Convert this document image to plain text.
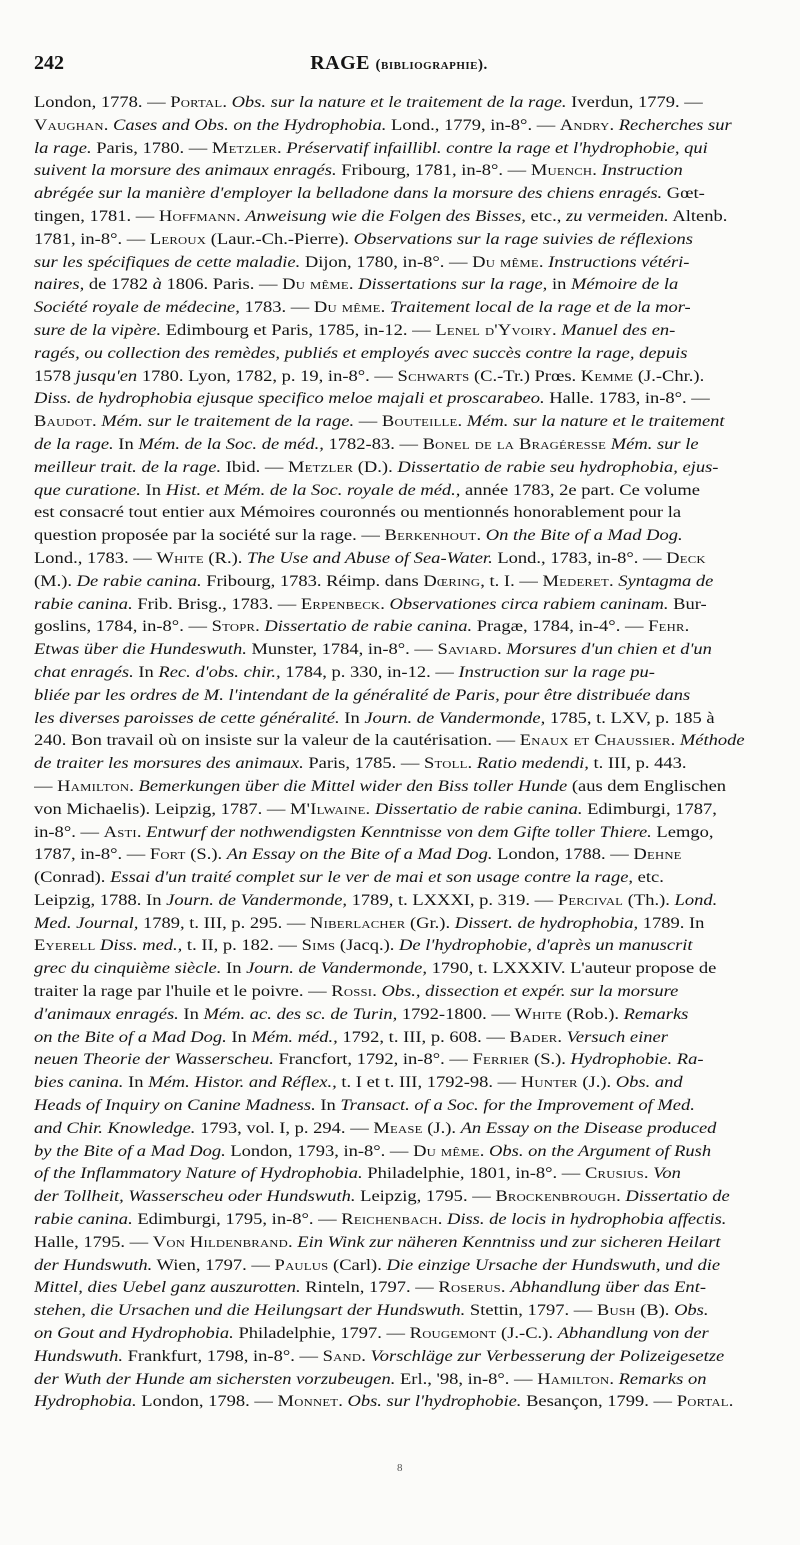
242	RAGE (bibliographie).
London, 1778. — Portal. Obs. sur la nature et le traitement de la rage. Iverdun, 1779. —
Vaughan. Cases and Obs. on the Hydrophobia. Lond., 1779, in-8°. — Andry. Recherches sur
la rage. Paris, 1780. — Metzler. Préservatif infaillibl. contre la rage et l'hydrophobie, qui
suivent la morsure des animaux enragés. Fribourg, 1781, in-8°. — Muench. Instruction
abrégée sur la manière d'employer la belladone dans la morsure des chiens enragés. Gœt-
tingen, 1781. — Hoffmann. Anweisung wie die Folgen des Bisses, etc., zu vermeiden. Altenb.
1781, in-8°. — Leroux (Laur.-Ch.-Pierre). Observations sur la rage suivies de réflexions
sur les spécifiques de cette maladie. Dijon, 1780, in-8°. — Du même. Instructions vétéri-
naires, de 1782 à 1806. Paris. — Du même. Dissertations sur la rage, in Mémoire de la
Société royale de médecine, 1783. — Du même. Traitement local de la rage et de la mor-
sure de la vipère. Edimbourg et Paris, 1785, in-12. — Lenel d'Yvoiry. Manuel des en-
ragés, ou collection des remèdes, publiés et employés avec succès contre la rage, depuis
1578 jusqu'en 1780. Lyon, 1782, p. 19, in-8°. — Schwarts (C.-Tr.) Prœs. Kemme (J.-Chr.).
Diss. de hydrophobia ejusque specifico meloe majali et proscarabeo. Halle. 1783, in-8°. —
Baudot. Mém. sur le traitement de la rage. — Bouteille. Mém. sur la nature et le traitement
de la rage. In Mém. de la Soc. de méd., 1782-83. — Bonel de la Bragéresse Mém. sur le
meilleur trait. de la rage. Ibid. — Metzler (D.). Dissertatio de rabie seu hydrophobia, ejus-
que curatione. In Hist. et Mém. de la Soc. royale de méd., année 1783, 2e part. Ce volume
est consacré tout entier aux Mémoires couronnés ou mentionnés honorablement pour la
question proposée par la société sur la rage. — Berkenhout. On the Bite of a Mad Dog.
Lond., 1783. — White (R.). The Use and Abuse of Sea-Water. Lond., 1783, in-8°. — Deck
(M.). De rabie canina. Fribourg, 1783. Réimp. dans Dœring, t. I. — Mederet. Syntagma de
rabie canina. Frib. Brisg., 1783. — Erpenbeck. Observationes circa rabiem caninam. Bur-
goslins, 1784, in-8°. — Stopr. Dissertatio de rabie canina. Pragæ, 1784, in-4°. — Fehr.
Etwas über die Hundeswuth. Munster, 1784, in-8°. — Saviard. Morsures d'un chien et d'un
chat enragés. In Rec. d'obs. chir., 1784, p. 330, in-12. — Instruction sur la rage pu-
bliée par les ordres de M. l'intendant de la généralité de Paris, pour être distribuée dans
les diverses paroisses de cette généralité. In Journ. de Vandermonde, 1785, t. LXV, p. 185 à
240. Bon travail où on insiste sur la valeur de la cautérisation. — Enaux et Chaussier. Méthode
de traiter les morsures des animaux. Paris, 1785. — Stoll. Ratio medendi, t. III, p. 443.
— Hamilton. Bemerkungen über die Mittel wider den Biss toller Hunde (aus dem Englischen
von Michaelis). Leipzig, 1787. — M'Ilwaine. Dissertatio de rabie canina. Edimburgi, 1787,
in-8°. — Asti. Entwurf der nothwendigsten Kenntnisse von dem Gifte toller Thiere. Lemgo,
1787, in-8°. — Fort (S.). An Essay on the Bite of a Mad Dog. London, 1788. — Dehne
(Conrad). Essai d'un traité complet sur le ver de mai et son usage contre la rage, etc.
Leipzig, 1788. In Journ. de Vandermonde, 1789, t. LXXXI, p. 319. — Percival (Th.). Lond.
Med. Journal, 1789, t. III, p. 295. — Niberlacher (Gr.). Dissert. de hydrophobia, 1789. In
Eyerell Diss. med., t. II, p. 182. — Sims (Jacq.). De l'hydrophobie, d'après un manuscrit
grec du cinquième siècle. In Journ. de Vandermonde, 1790, t. LXXXIV. L'auteur propose de
traiter la rage par l'huile et le poivre. — Rossi. Obs., dissection et expér. sur la morsure
d'animaux enragés. In Mém. ac. des sc. de Turin, 1792-1800. — White (Rob.). Remarks
on the Bite of a Mad Dog. In Mém. méd., 1792, t. III, p. 608. — Bader. Versuch einer
neuen Theorie der Wasserscheu. Francfort, 1792, in-8°. — Ferrier (S.). Hydrophobie. Ra-
bies canina. In Mém. Histor. and Réflex., t. I et t. III, 1792-98. — Hunter (J.). Obs. and
Heads of Inquiry on Canine Madness. In Transact. of a Soc. for the Improvement of Med.
and Chir. Knowledge. 1793, vol. I, p. 294. — Mease (J.). An Essay on the Disease produced
by the Bite of a Mad Dog. London, 1793, in-8°. — Du même. Obs. on the Argument of Rush
of the Inflammatory Nature of Hydrophobia. Philadelphie, 1801, in-8°. — Crusius. Von
der Tollheit, Wasserscheu oder Hundswuth. Leipzig, 1795. — Brockenbrough. Dissertatio de
rabie canina. Edimburgi, 1795, in-8°. — Reichenbach. Diss. de locis in hydrophobia affectis.
Halle, 1795. — Von Hildenbrand. Ein Wink zur näheren Kenntniss und zur sicheren Heilart
der Hundswuth. Wien, 1797. — Paulus (Carl). Die einzige Ursache der Hundswuth, und die
Mittel, dies Uebel ganz auszurotten. Rinteln, 1797. — Roserus. Abhandlung über das Ent-
stehen, die Ursachen und die Heilungsart der Hundswuth. Stettin, 1797. — Bush (B). Obs.
on Gout and Hydrophobia. Philadelphie, 1797. — Rougemont (J.-C.). Abhandlung von der
Hundswuth. Frankfurt, 1798, in-8°. — Sand. Vorschläge zur Verbesserung der Polizeigesetze
der Wuth der Hunde am sichersten vorzubeugen. Erl., '98, in-8°. — Hamilton. Remarks on
Hydrophobia. London, 1798. — Monnet. Obs. sur l'hydrophobie. Besançon, 1799. — Portal.
8
